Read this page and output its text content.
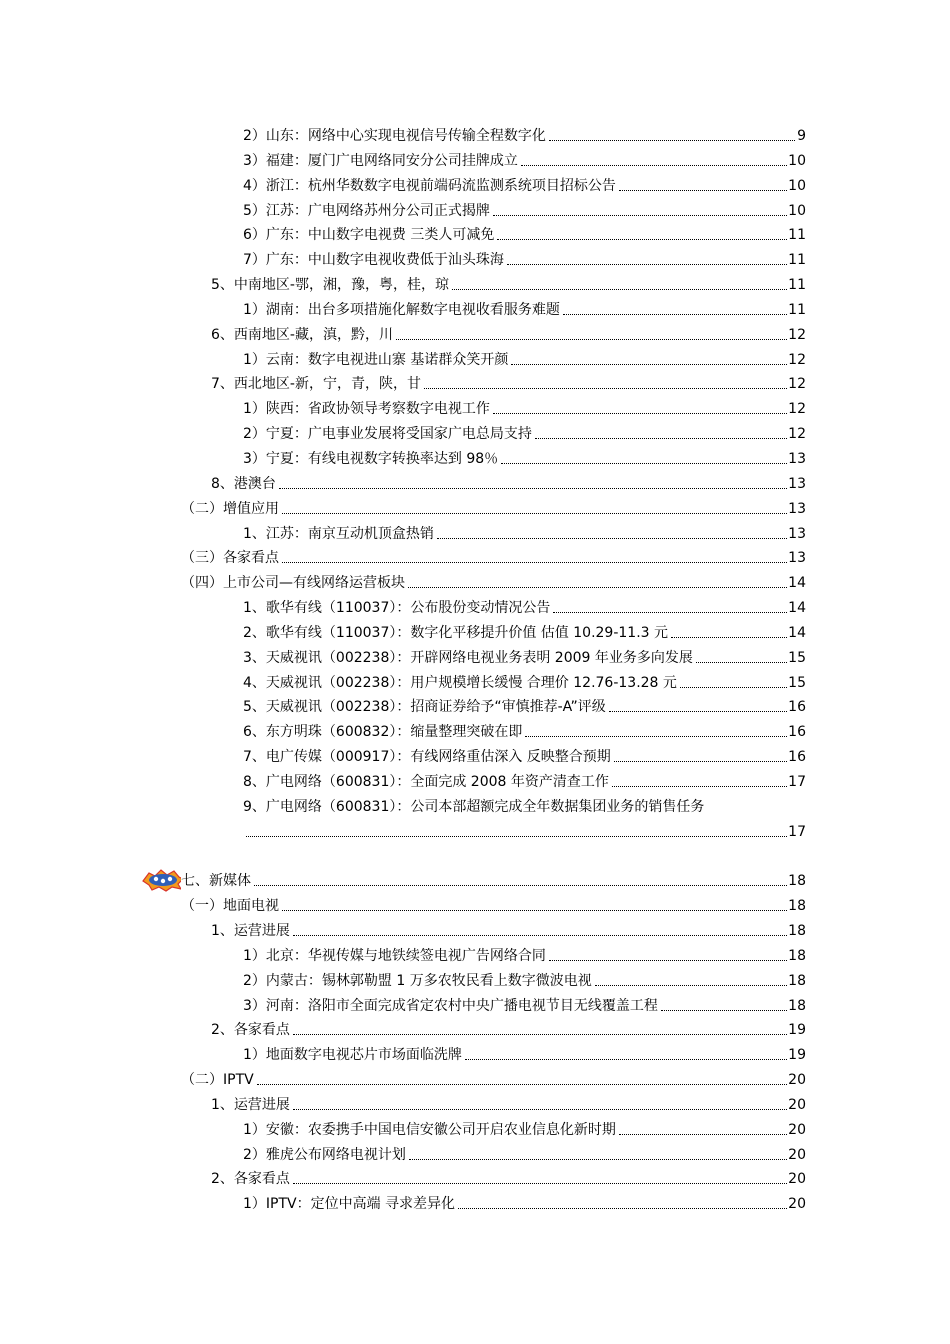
2）山东：网络中心实现电视信号传输全程数字化	9
3）福建：厦门广电网络同安分公司挂牌成立	10
4）浙江：杭州华数数字电视前端码流监测系统项目招标公告	10
5）江苏：广电网络苏州分公司正式揭牌	10
6）广东：中山数字电视费 三类人可减免	11
7）广东：中山数字电视收费低于汕头珠海	11
5、中南地区-鄂，湘，豫，粤，桂，琼	11
1）湖南：出台多项措施化解数字电视收看服务难题	11
6、西南地区-藏，滇，黔，川	12
1）云南：数字电视进山寨 基诺群众笑开颜	12
7、西北地区-新，宁，青，陕，甘	12
1）陕西：省政协领导考察数字电视工作	12
2）宁夏：广电事业发展将受国家广电总局支持	12
3）宁夏：有线电视数字转换率达到 98％	13
8、港澳台	13
（二）增值应用	13
1、江苏：南京互动机顶盒热销	13
（三）各家看点	13
（四）上市公司—有线网络运营板块	14
1、歌华有线（110037）：公布股份变动情况公告	14
2、歌华有线（110037）：数字化平移提升价值 估值 10.29-11.3 元	14
3、天威视讯（002238）：开辟网络电视业务表明 2009 年业务多向发展	15
4、天威视讯（002238）：用户规模增长缓慢 合理价 12.76-13.28 元	15
5、天威视讯（002238）：招商证券给予“审慎推荐-A”评级	16
6、东方明珠（600832）：缩量整理突破在即	16
7、电广传媒（000917）：有线网络重估深入 反映整合预期	16
8、广电网络（600831）：全面完成 2008 年资产清查工作	17
9、广电网络（600831）：公司本部超额完成全年数据集团业务的销售任务
17
七、新媒体	18
（一）地面电视	18
1、运营进展	18
1）北京：华视传媒与地铁续签电视广告网络合同	18
2）内蒙古：锡林郭勒盟 1 万多农牧民看上数字微波电视	18
3）河南：洛阳市全面完成省定农村中央广播电视节目无线覆盖工程	18
2、各家看点	19
1）地面数字电视芯片市场面临洗牌	19
（二）IPTV	20
1、运营进展	20
1）安徽：农委携手中国电信安徽公司开启农业信息化新时期	20
2）雅虎公布网络电视计划	20
2、各家看点	20
1）IPTV：定位中高端 寻求差异化	20
